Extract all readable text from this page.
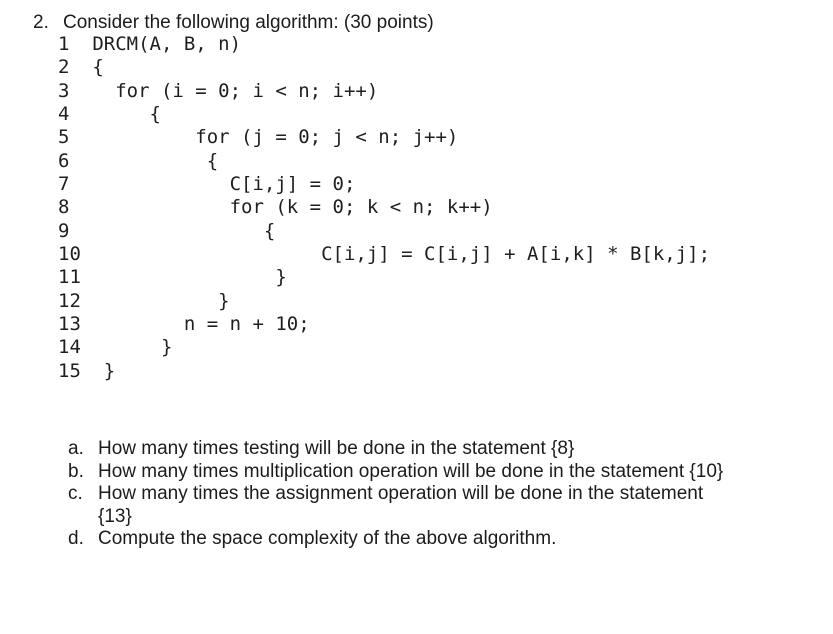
2. Consider the following algorithm: (30 points)
1  DRCM(A, B, n)
2  {
3    for (i = 0; i < n; i++)
4       {
5           for (j = 0; j < n; j++)
6            {
7              C[i,j] = 0;
8              for (k = 0; k < n; k++)
9                 {
10                     C[i,j] = C[i,j] + A[i,k] * B[k,j];
11                 }
12            }
13         n = n + 10;
14       }
15  }
a. How many times testing will be done in the statement {8}
b. How many times multiplication operation will be done in the statement {10}
c. How many times the assignment operation will be done in the statement
{13}
d. Compute the space complexity of the above algorithm.
